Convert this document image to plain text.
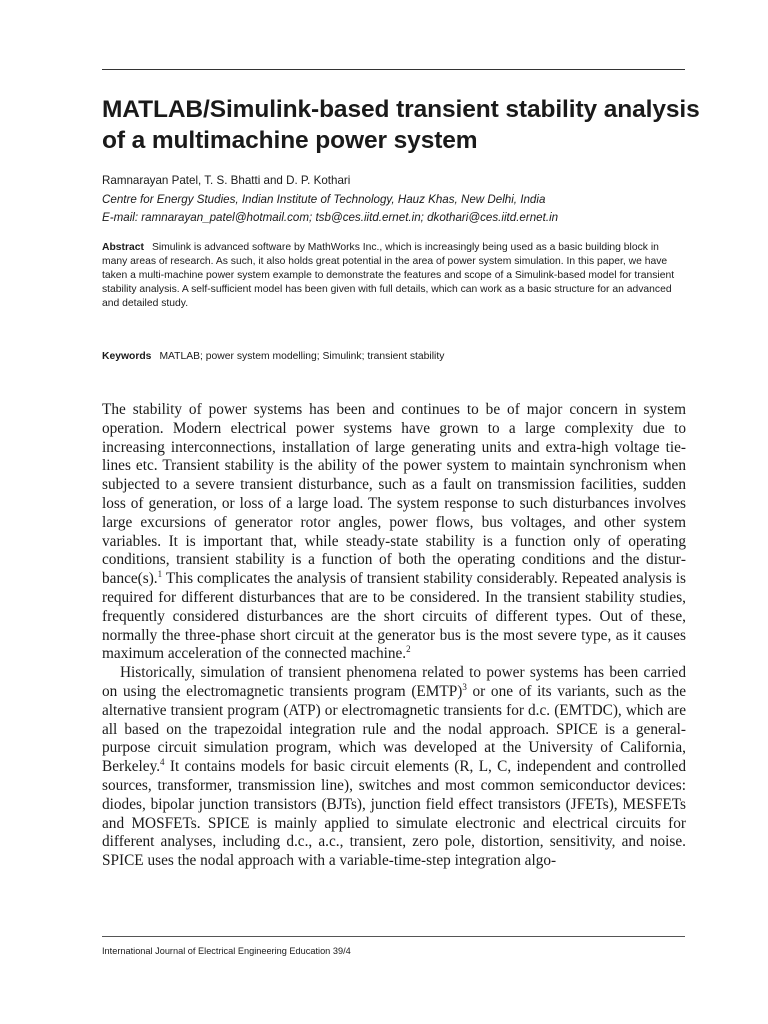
MATLAB/Simulink-based transient stability analysis of a multimachine power system
Ramnarayan Patel, T. S. Bhatti and D. P. Kothari
Centre for Energy Studies, Indian Institute of Technology, Hauz Khas, New Delhi, India
E-mail: ramnarayan_patel@hotmail.com; tsb@ces.iitd.ernet.in; dkothari@ces.iitd.ernet.in
Abstract Simulink is advanced software by MathWorks Inc., which is increasingly being used as a basic building block in many areas of research. As such, it also holds great potential in the area of power system simulation. In this paper, we have taken a multi-machine power system example to demonstrate the features and scope of a Simulink-based model for transient stability analysis. A self-sufficient model has been given with full details, which can work as a basic structure for an advanced and detailed study.
Keywords MATLAB; power system modelling; Simulink; transient stability

The stability of power systems has been and continues to be of major concern in system operation. Modern electrical power systems have grown to a large complexity due to increasing interconnections, installation of large generating units and extra-high voltage tie-lines etc. Transient stability is the ability of the power system to maintain synchronism when subjected to a severe transient disturbance, such as a fault on transmission facilities, sudden loss of generation, or loss of a large load. The system response to such disturbances involves large excursions of generator rotor angles, power flows, bus voltages, and other system variables. It is important that, while steady-state stability is a function only of operating conditions, transient stability is a function of both the operating conditions and the disturbance(s).$^1$ This complicates the analysis of transient stability considerably. Repeated analysis is required for different disturbances that are to be considered. In the transient stability studies, frequently considered disturbances are the short circuits of different types. Out of these, normally the three-phase short circuit at the generator bus is the most severe type, as it causes maximum acceleration of the connected machine.$^2$

Historically, simulation of transient phenomena related to power systems has been carried on using the electromagnetic transients program (EMTP)$^3$ or one of its variants, such as the alternative transient program (ATP) or electromagnetic transients for d.c. (EMTDC), which are all based on the trapezoidal integration rule and the nodal approach. SPICE is a general-purpose circuit simulation program, which was developed at the University of California, Berkeley.$^4$ It contains models for basic circuit elements (R, L, C, independent and controlled sources, transformer, transmission line), switches and most common semiconductor devices: diodes, bipolar junction transistors (BJTs), junction field effect transistors (JFETs), MESFETs and MOSFETs. SPICE is mainly applied to simulate electronic and electrical circuits for different analyses, including d.c., a.c., transient, zero pole, distortion, sensitivity, and noise. SPICE uses the nodal approach with a variable-time-step integration algo-

International Journal of Electrical Engineering Education 39/4
